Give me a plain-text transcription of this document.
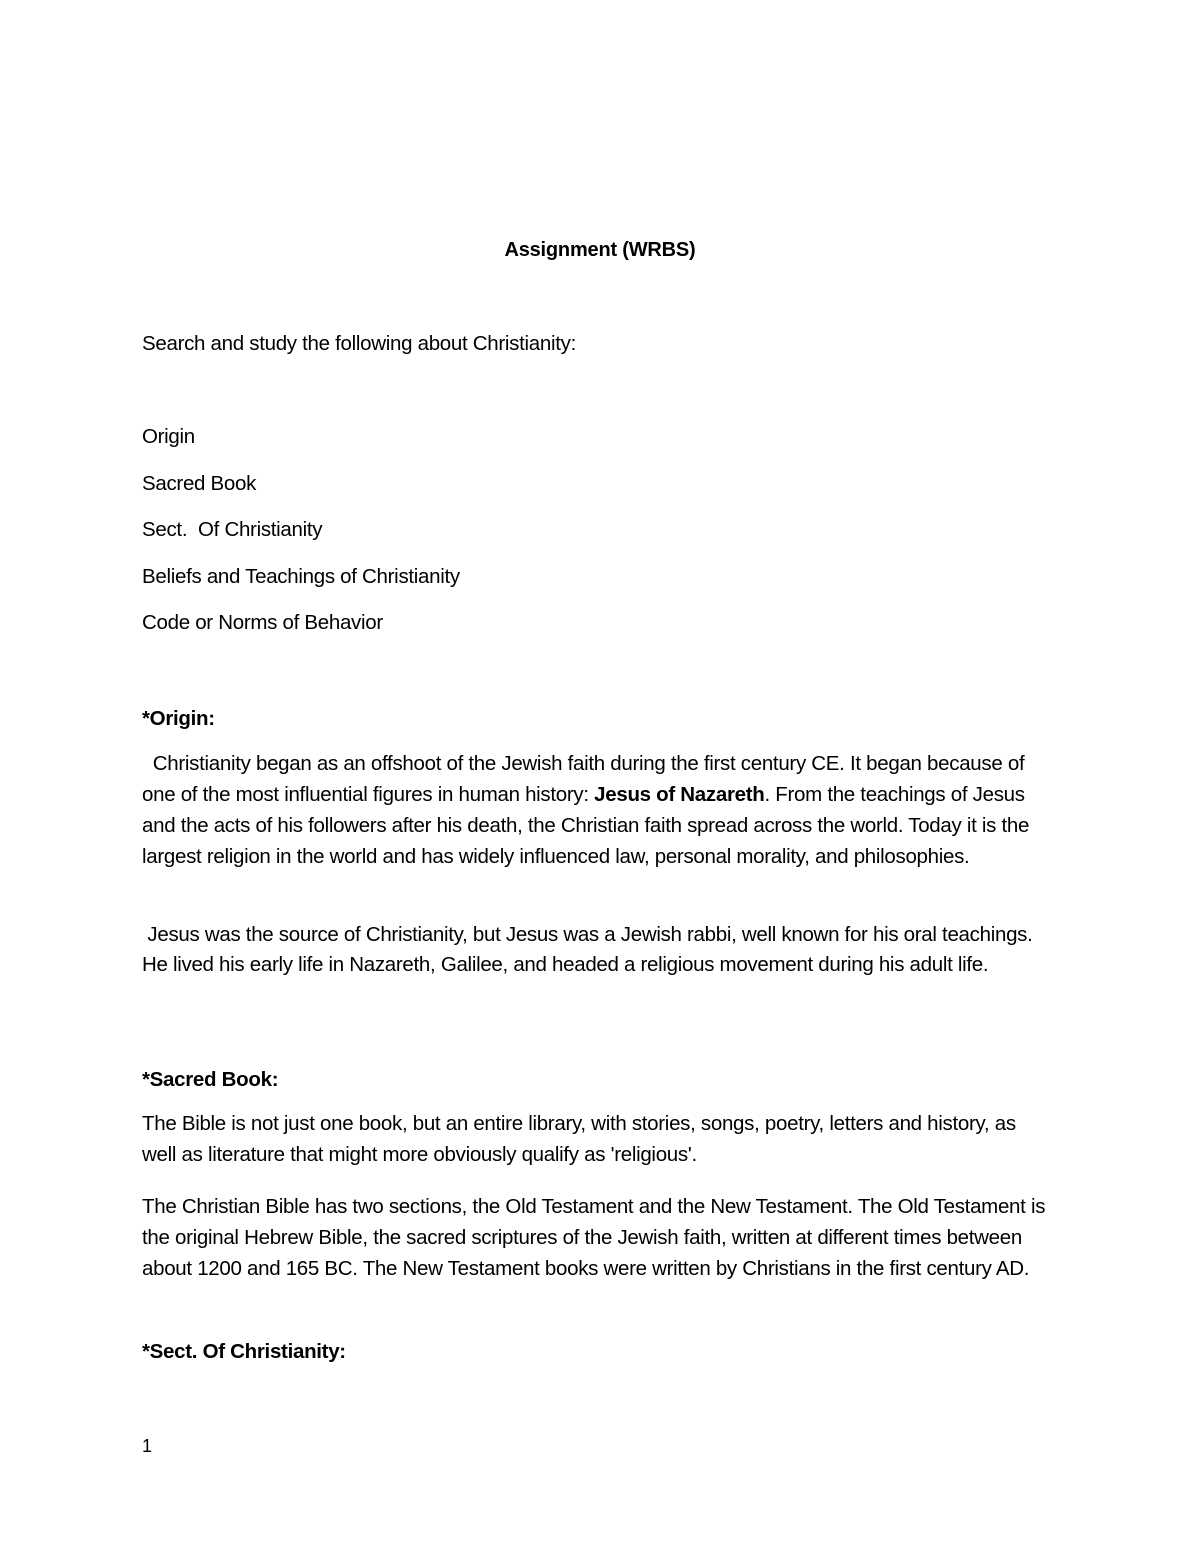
Assignment (WRBS)
Search and study the following about Christianity:
Origin
Sacred Book
Sect.  Of Christianity
Beliefs and Teachings of Christianity
Code or Norms of Behavior
*Origin:
Christianity began as an offshoot of the Jewish faith during the first century CE. It began because of one of the most influential figures in human history: Jesus of Nazareth. From the teachings of Jesus and the acts of his followers after his death, the Christian faith spread across the world. Today it is the largest religion in the world and has widely influenced law, personal morality, and philosophies.
Jesus was the source of Christianity, but Jesus was a Jewish rabbi, well known for his oral teachings. He lived his early life in Nazareth, Galilee, and headed a religious movement during his adult life.
*Sacred Book:
The Bible is not just one book, but an entire library, with stories, songs, poetry, letters and history, as well as literature that might more obviously qualify as 'religious'.
The Christian Bible has two sections, the Old Testament and the New Testament. The Old Testament is the original Hebrew Bible, the sacred scriptures of the Jewish faith, written at different times between about 1200 and 165 BC. The New Testament books were written by Christians in the first century AD.
*Sect. Of Christianity:
1
